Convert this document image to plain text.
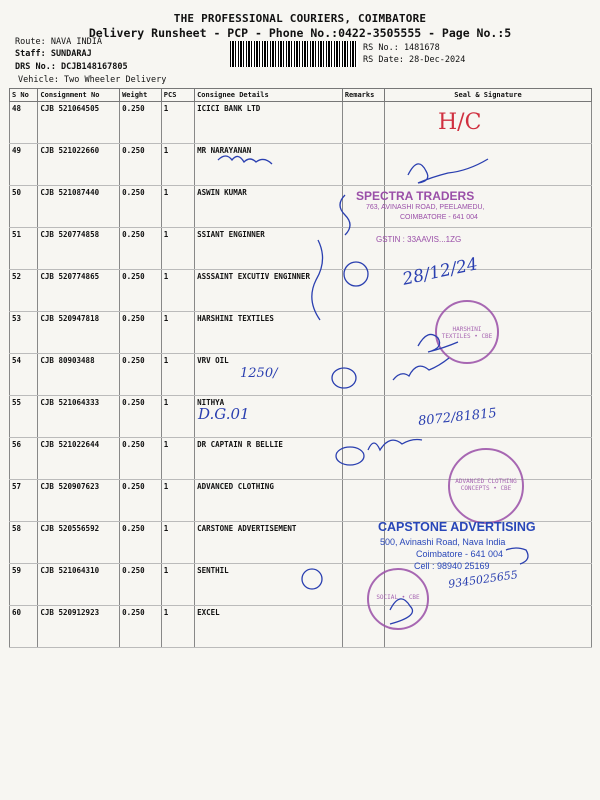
THE PROFESSIONAL COURIERS, COIMBATORE
Delivery Runsheet - PCP - Phone No.:0422-3505555 - Page No.:5
Route: NAVA INDIA
Staff: SUNDARAJ
DRS No.: DCJB148167805
Vehicle: Two Wheeler Delivery
RS No.: 1481678
RS Date: 28-Dec-2024
S No	Consignment No	Weight	PCS	Consignee Details	Remarks	Seal & Signature
48	CJB 521064505	0.250	1	ICICI BANK LTD		
49	CJB 521022660	0.250	1	MR NARAYANAN		
50	CJB 521087440	0.250	1	ASWIN KUMAR		
51	CJB 520774858	0.250	1	SSIANT ENGINNER		
52	CJB 520774865	0.250	1	ASSSAINT EXCUTIV ENGINNER		
53	CJB 520947818	0.250	1	HARSHINI TEXTILES		
54	CJB 80903488	0.250	1	VRV OIL		
55	CJB 521064333	0.250	1	NITHYA		
56	CJB 521022644	0.250	1	DR CAPTAIN R BELLIE		
57	CJB 520907623	0.250	1	ADVANCED CLOTHING		
58	CJB 520556592	0.250	1	CARSTONE ADVERTISEMENT		
59	CJB 521064310	0.250	1	SENTHIL		
60	CJB 520912923	0.250	1	EXCEL		
H/C
28/12/24
1250/
D.G.01	8072/81815
9345025655
SPECTRA TRADERS
763, AVINASHI ROAD, PEELAMEDU,
COIMBATORE - 641 004
GSTIN : 33AAVIS...1ZG
HARSHINI TEXTILES • CBE
ADVANCED CLOTHING CONCEPTS • CBE
SOCIAL • CBE
CAPSTONE ADVERTISING
500, Avinashi Road, Nava India
Coimbatore - 641 004
Cell : 98940 25169
